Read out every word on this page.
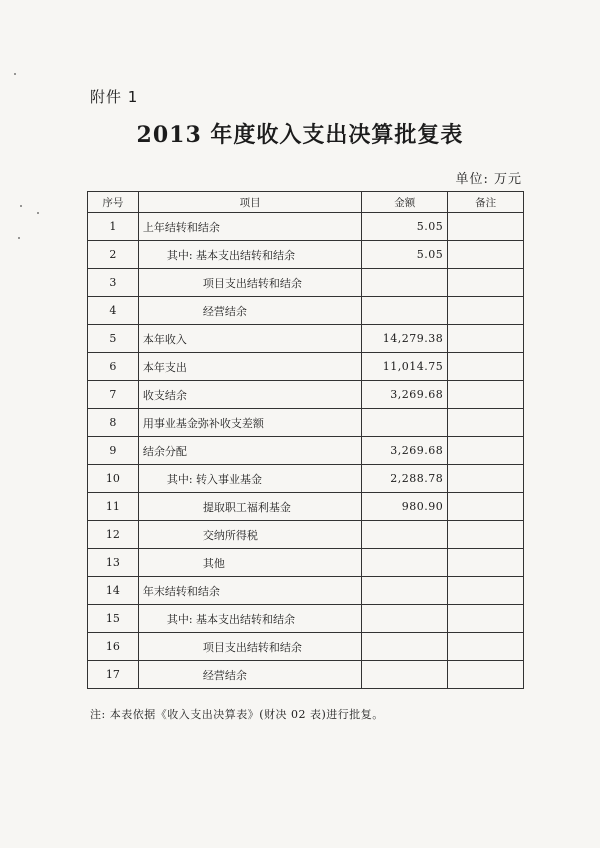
附件 1
2013 年度收入支出决算批复表
单位: 万元
序号	项目	金额	备注
1	上年结转和结余	5.05	
2	其中: 基本支出结转和结余	5.05	
3	项目支出结转和结余		
4	经营结余		
5	本年收入	14,279.38	
6	本年支出	11,014.75	
7	收支结余	3,269.68	
8	用事业基金弥补收支差额		
9	结余分配	3,269.68	
10	其中: 转入事业基金	2,288.78	
11	提取职工福利基金	980.90	
12	交纳所得税		
13	其他		
14	年末结转和结余		
15	其中: 基本支出结转和结余		
16	项目支出结转和结余		
17	经营结余		
注: 本表依据《收入支出决算表》(财决 02 表)进行批复。
